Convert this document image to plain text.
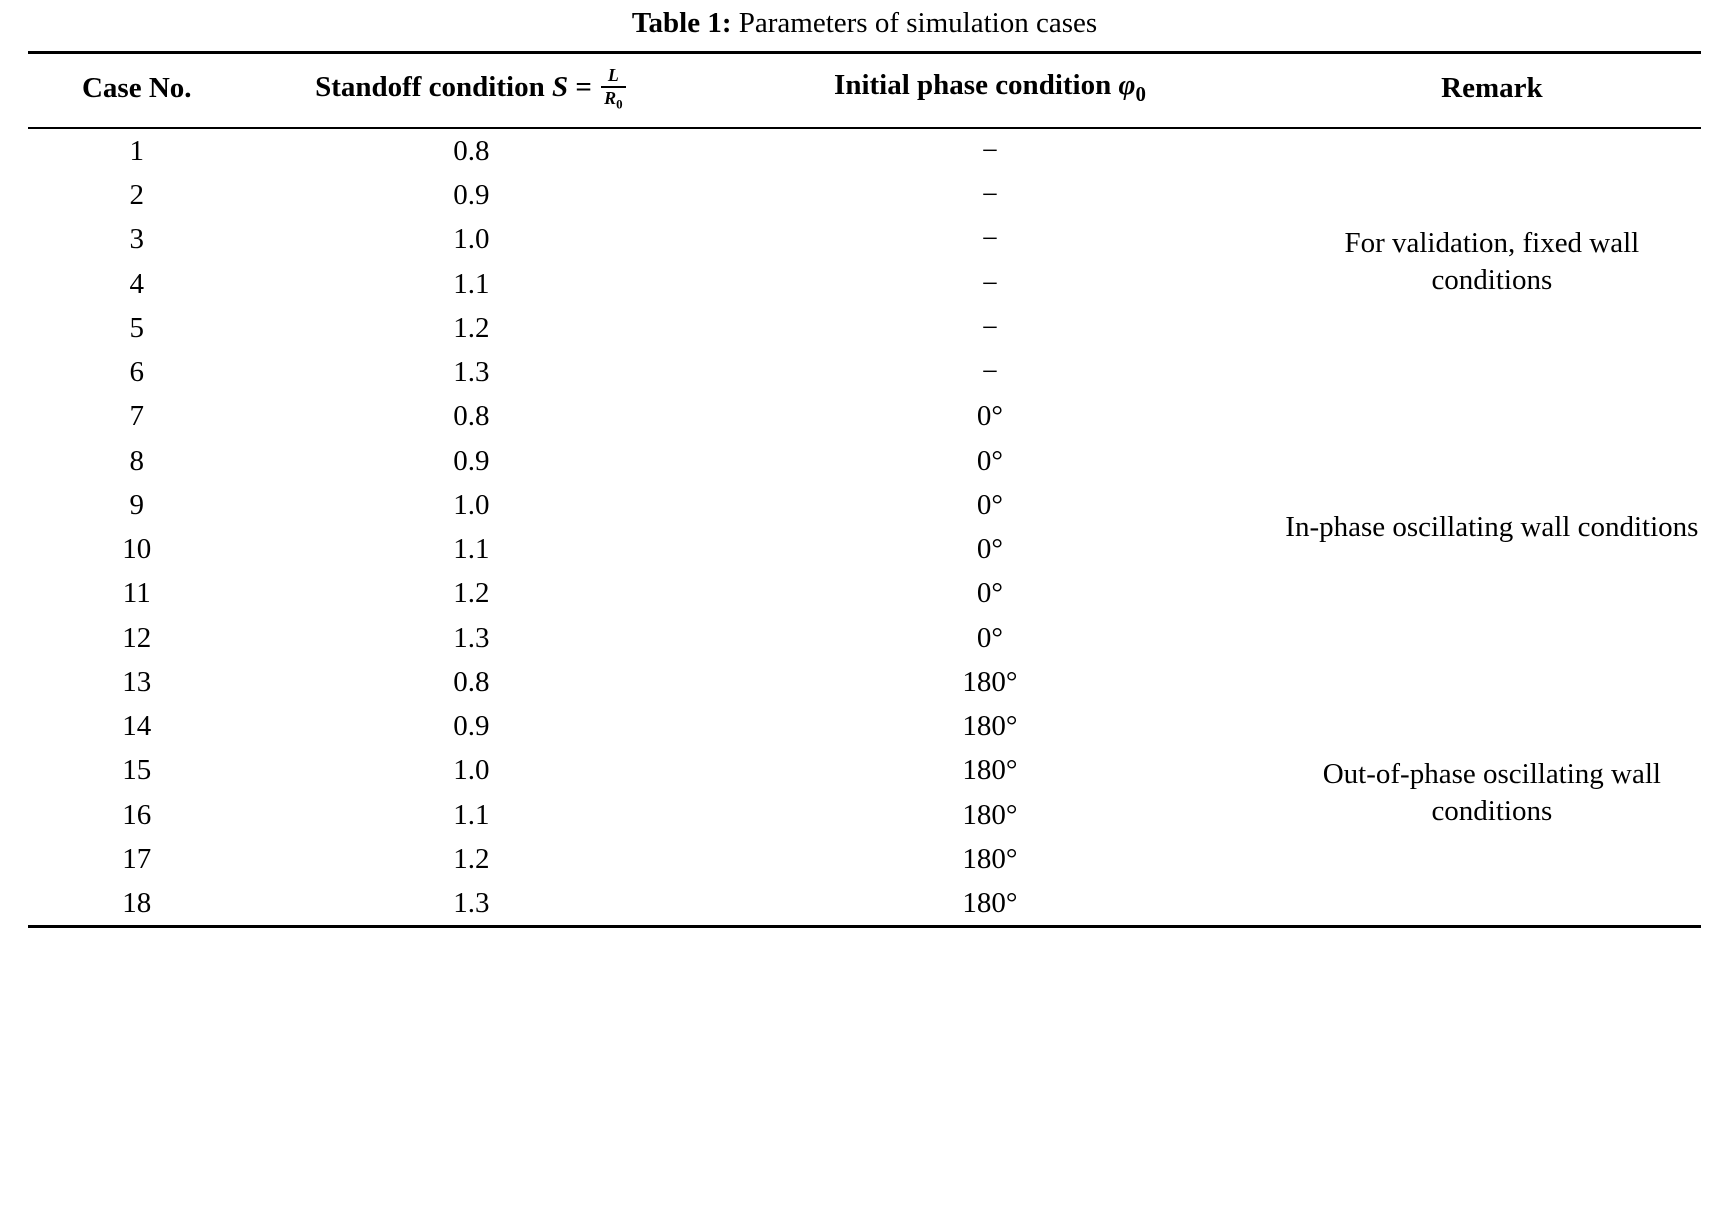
Table 1: Parameters of simulation cases
Case No.	Standoff condition $S = \frac{L}{R_0}$	Initial phase condition $\varphi_0$	Remark
1	0.8	−	For validation, fixed wall conditions
2	0.9	−	
3	1.0	−	
4	1.1	−	
5	1.2	−	
6	1.3	−	
7	0.8	0°	In-phase oscillating wall conditions
8	0.9	0°	
9	1.0	0°	
10	1.1	0°	
11	1.2	0°	
12	1.3	0°	
13	0.8	180°	Out-of-phase oscillating wall conditions
14	0.9	180°	
15	1.0	180°	
16	1.1	180°	
17	1.2	180°	
18	1.3	180°	
